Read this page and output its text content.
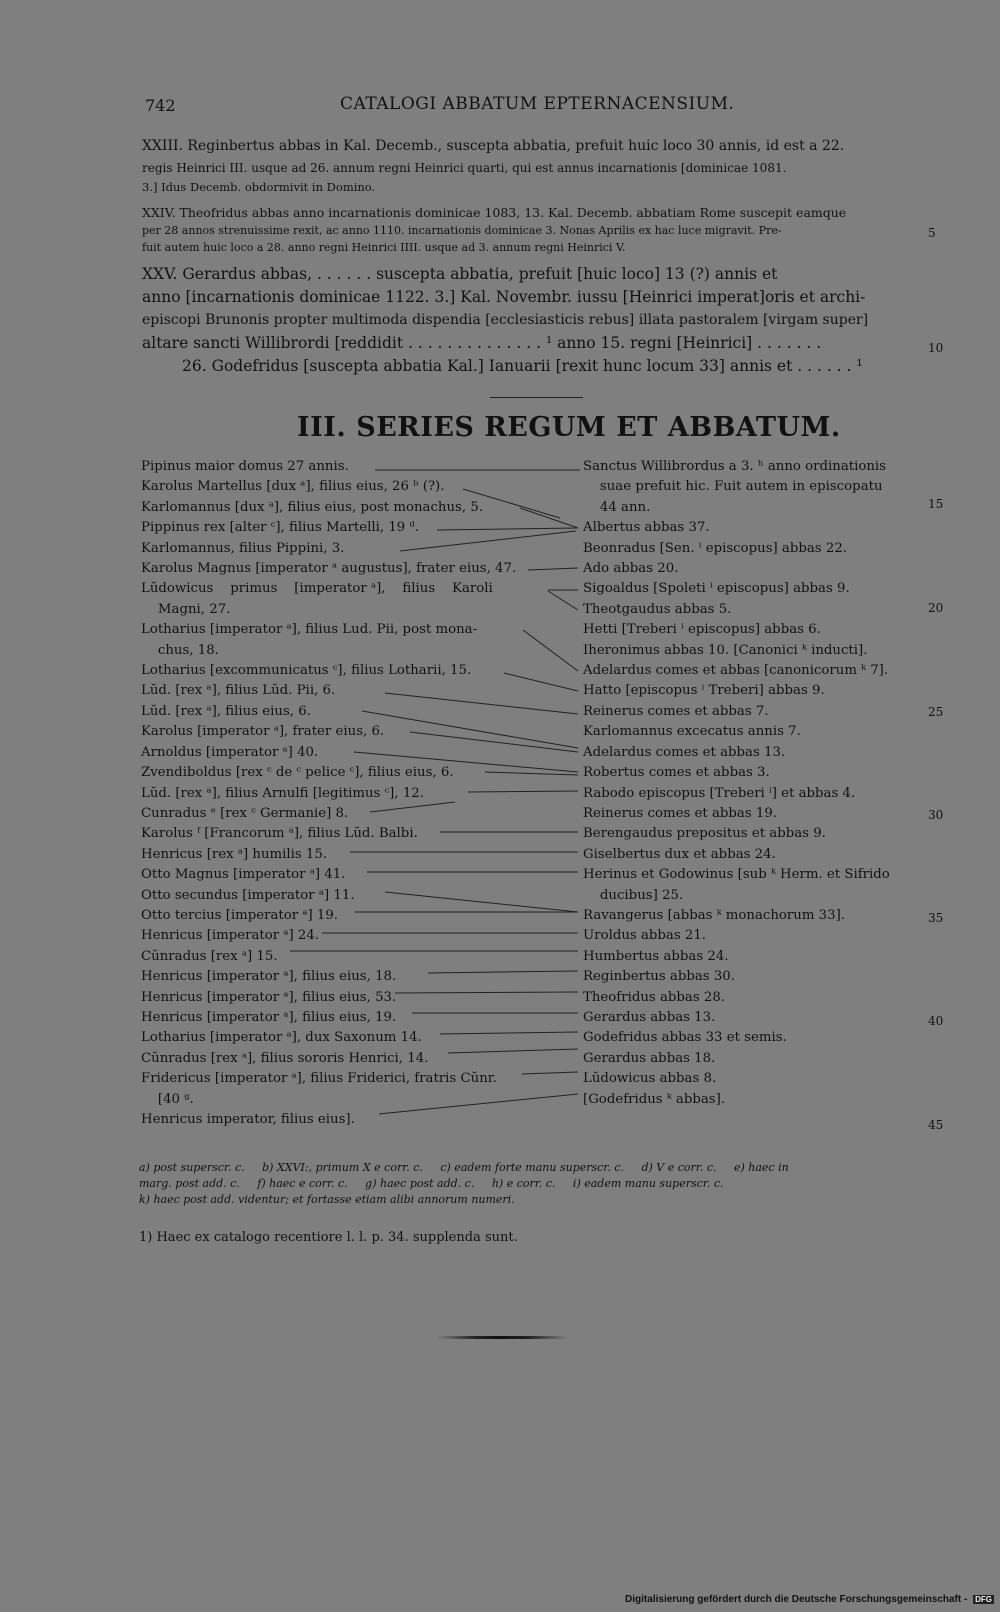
742	CATALOGI ABBATUM EPTERNACENSIUM.
XXIII. Reginbertus abbas in Kal. Decemb., suscepta abbatia, prefuit huic loco 30 annis, id est a 22.
regis Heinrici III. usque ad 26. annum regni Heinrici quarti, qui est annus incarnationis [dominicae 1081.
3.] Idus Decemb. obdormivit in Domino.
XXIV. Theofridus abbas anno incarnationis dominicae 1083, 13. Kal. Decemb. abbatiam Rome suscepit eamque
per 28 annos strenuissime rexit, ac anno 1110. incarnationis dominicae 3. Nonas Aprilis ex hac luce migravit. Pre-
fuit autem huic loco a 28. anno regni Heinrici IIII. usque ad 3. annum regni Heinrici V.
XXV. Gerardus abbas, . . . . . . suscepta abbatia, prefuit [huic loco] 13 (?) annis et
anno [incarnationis dominicae 1122. 3.] Kal. Novembr. iussu [Heinrici imperat]oris et archi-
episcopi Brunonis propter multimoda dispendia [ecclesiasticis rebus] illata pastoralem [virgam super]
altare sancti Willibrordi [reddidit . . . . . . . . . . . . . . ¹ anno 15. regni [Heinrici] . . . . . . .
26. Godefridus [suscepta abbatia Kal.] Ianuarii [rexit hunc locum 33] annis et . . . . . . ¹
5
10
15
20
25
30
35
40
45
III. SERIES REGUM ET ABBATUM.
Pipinus maior domus 27 annis.
Karolus Martellus [dux ᵃ], filius eius, 26 ᵇ (?).
Karlomannus [dux ᵃ], filius eius, post monachus, 5.
Pippinus rex [alter ᶜ], filius Martelli, 19 ᵈ.
Karlomannus, filius Pippini, 3.
Karolus Magnus [imperator ᵃ augustus], frater eius, 47.
Lŭdowicus    primus    [imperator ᵃ],    filius    Karoli
Magni, 27.
Lotharius [imperator ᵃ], filius Lud. Pii, post mona-
chus, 18.
Lotharius [excommunicatus ᶜ], filius Lotharii, 15.
Lŭd. [rex ᵃ], filius Lŭd. Pii, 6.
Lŭd. [rex ᵃ], filius eius, 6.
Karolus [imperator ᵃ], frater eius, 6.
Arnoldus [imperator ᵃ] 40.
Zvendiboldus [rex ᶜ de ᶜ pelice ᶜ], filius eius, 6.
Lŭd. [rex ᵃ], filius Arnulfi [legitimus ᶜ], 12.
Cunradus ᵉ [rex ᶜ Germanie] 8.
Karolus ᶠ [Francorum ᵃ], filius Lŭd. Balbi.
Henricus [rex ᵃ] humilis 15.
Otto Magnus [imperator ᵃ] 41.
Otto secundus [imperator ᵃ] 11.
Otto tercius [imperator ᵃ] 19.
Henricus [imperator ᵃ] 24.
Cŭnradus [rex ᵃ] 15.
Henricus [imperator ᵃ], filius eius, 18.
Henricus [imperator ᵃ], filius eius, 53.
Henricus [imperator ᵃ], filius eius, 19.
Lotharius [imperator ᵃ], dux Saxonum 14.
Cŭnradus [rex ᵃ], filius sororis Henrici, 14.
Fridericus [imperator ᵃ], filius Friderici, fratris Cŭnr.
[40 ᵍ.
Henricus imperator, filius eius].
Sanctus Willibrordus a 3. ʰ anno ordinationis
suae prefuit hic. Fuit autem in episcopatu
44 ann.
Albertus abbas 37.
Beonradus [Sen. ⁱ episcopus] abbas 22.
Ado abbas 20.
Sigoaldus [Spoleti ⁱ episcopus] abbas 9.
Theotgaudus abbas 5.
Hetti [Treberi ⁱ episcopus] abbas 6.
Iheronimus abbas 10. [Canonici ᵏ inducti].
Adelardus comes et abbas [canonicorum ᵏ 7].
Hatto [episcopus ⁱ Treberi] abbas 9.
Reinerus comes et abbas 7.
Karlomannus excecatus annis 7.
Adelardus comes et abbas 13.
Robertus comes et abbas 3.
Rabodo episcopus [Treberi ⁱ] et abbas 4.
Reinerus comes et abbas 19.
Berengaudus prepositus et abbas 9.
Giselbertus dux et abbas 24.
Herinus et Godowinus [sub ᵏ Herm. et Sifrido
ducibus] 25.
Ravangerus [abbas ᵏ monachorum 33].
Uroldus abbas 21.
Humbertus abbas 24.
Reginbertus abbas 30.
Theofridus abbas 28.
Gerardus abbas 13.
Godefridus abbas 33 et semis.
Gerardus abbas 18.
Lŭdowicus abbas 8.
[Godefridus ᵏ abbas].
a) post superscr. c.     b) XXVI:, primum X e corr. c.     c) eadem forte manu superscr. c.     d) V e corr. c.     e) haec in
marg. post add. c.     f) haec e corr. c.     g) haec post add. c.     h) e corr. c.     i) eadem manu superscr. c.
k) haec post add. videntur; et fortasse etiam alibi annorum numeri.
1) Haec ex catalogo recentiore l. l. p. 34. supplenda sunt.
Digitalisierung gefördert durch die Deutsche Forschungsgemeinschaft - DFG
